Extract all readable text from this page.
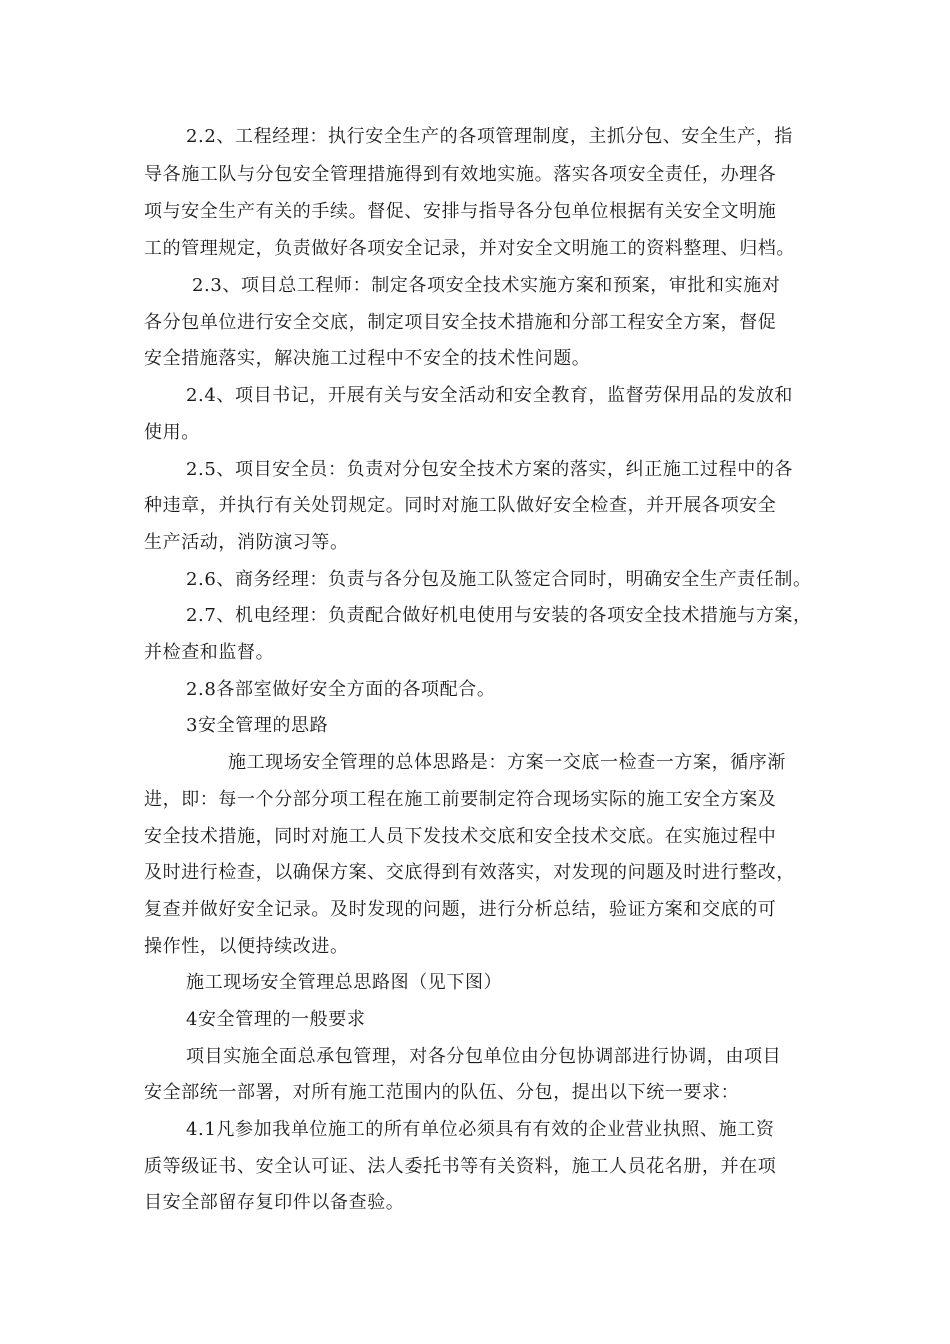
2.2、工程经理：执行安全生产的各项管理制度，主抓分包、安全生产，指
导各施工队与分包安全管理措施得到有效地实施。落实各项安全责任，办理各
项与安全生产有关的手续。督促、安排与指导各分包单位根据有关安全文明施
工的管理规定，负责做好各项安全记录，并对安全文明施工的资料整理、归档。
2.3、项目总工程师：制定各项安全技术实施方案和预案，审批和实施对
各分包单位进行安全交底，制定项目安全技术措施和分部工程安全方案，督促
安全措施落实，解决施工过程中不安全的技术性问题。
2.4、项目书记，开展有关与安全活动和安全教育，监督劳保用品的发放和
使用。
2.5、项目安全员：负责对分包安全技术方案的落实，纠正施工过程中的各
种违章，并执行有关处罚规定。同时对施工队做好安全检查，并开展各项安全
生产活动，消防演习等。
2.6、商务经理：负责与各分包及施工队签定合同时，明确安全生产责任制。
2.7、机电经理：负责配合做好机电使用与安装的各项安全技术措施与方案，
并检查和监督。
2.8各部室做好安全方面的各项配合。
3安全管理的思路
施工现场安全管理的总体思路是：方案一交底一检查一方案，循序渐
进，即：每一个分部分项工程在施工前要制定符合现场实际的施工安全方案及
安全技术措施，同时对施工人员下发技术交底和安全技术交底。在实施过程中
及时进行检查，以确保方案、交底得到有效落实，对发现的问题及时进行整改，
复查并做好安全记录。及时发现的问题，进行分析总结，验证方案和交底的可
操作性，以便持续改进。
施工现场安全管理总思路图（见下图）
4安全管理的一般要求
项目实施全面总承包管理，对各分包单位由分包协调部进行协调，由项目
安全部统一部署，对所有施工范围内的队伍、分包，提出以下统一要求：
4.1凡参加我单位施工的所有单位必须具有有效的企业营业执照、施工资
质等级证书、安全认可证、法人委托书等有关资料，施工人员花名册，并在项
目安全部留存复印件以备查验。
